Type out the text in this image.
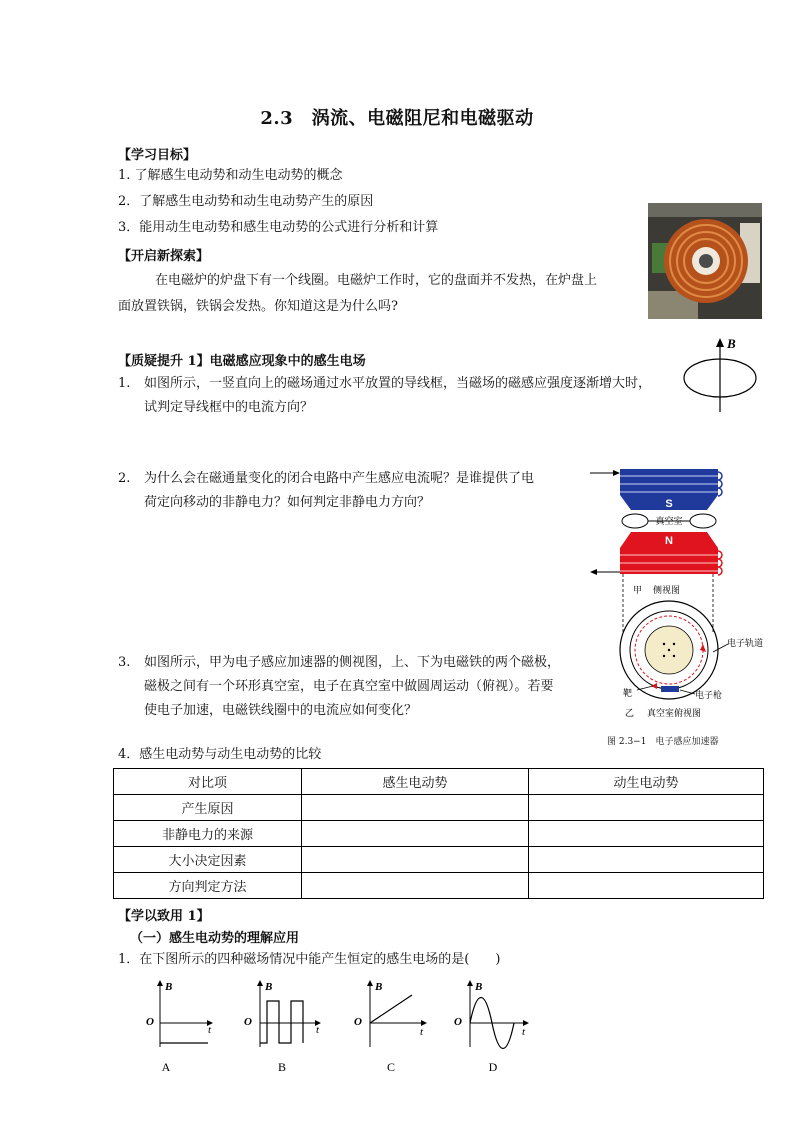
2.3　涡流、电磁阻尼和电磁驱动
【学习目标】
1. 了解感生电动势和动生电动势的概念
2．了解感生电动势和动生电动势产生的原因
3．能用动生电动势和感生电动势的公式进行分析和计算
【开启新探索】
在电磁炉的炉盘下有一个线圈。电磁炉工作时，它的盘面并不发热，在炉盘上
面放置铁锅，铁锅会发热。你知道这是为什么吗?
【质疑提升 1】电磁感应现象中的感生电场
1. 如图所示，一竖直向上的磁场通过水平放置的导线框，当磁场的磁感应强度逐渐增大时，
试判定导线框中的电流方向？
B
2. 为什么会在磁通量变化的闭合电路中产生感应电流呢？是谁提供了电
荷定向移动的非静电力？如何判定非静电力方向？
3. 如图所示，甲为电子感应加速器的侧视图，上、下为电磁铁的两个磁极，
磁极之间有一个环形真空室，电子在真空室中做圆周运动（俯视）。若要
使电子加速，电磁铁线圈中的电流应如何变化？
S
真空室
N
甲 侧视图
电子轨道
电子枪
靶
乙 真空室俯视图
图 2.3−1　电子感应加速器
4．感生电动势与动生电动势的比较
对比项	感生电动势	动生电动势
产生原因		
非静电力的来源		
大小决定因素		
方向判定方法		
【学以致用 1】
（一）感生电动势的理解应用
1．在下图所示的四种磁场情况中能产生恒定的感生电场的是(　　)
B
t
O
A
B
t
O
B
B
t
O
C
B
t
O
D
